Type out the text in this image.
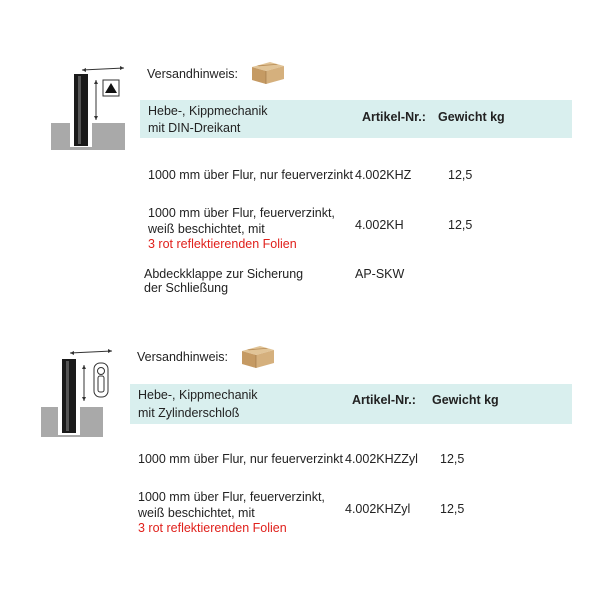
Versandhinweis:
Hebe-, Kippmechanik
mit DIN-Dreikant
Artikel-Nr.: Gewicht kg
1000 mm über Flur, nur feuerverzinkt 4.002KHZ	12,5
1000 mm über Flur, feuerverzinkt,
weiß beschichtet, mit
3 rot reflektierenden Folien
4.002KH	12,5
Abdeckklappe zur Sicherung
der Schließung
AP-SKW
Versandhinweis:
Hebe-, Kippmechanik
mit Zylinderschloß
Artikel-Nr.: Gewicht kg
1000 mm über Flur, nur feuerverzinkt 4.002KHZZyl 12,5
1000 mm über Flur, feuerverzinkt,
weiß beschichtet, mit
3 rot reflektierenden Folien
4.002KHZyl 12,5
